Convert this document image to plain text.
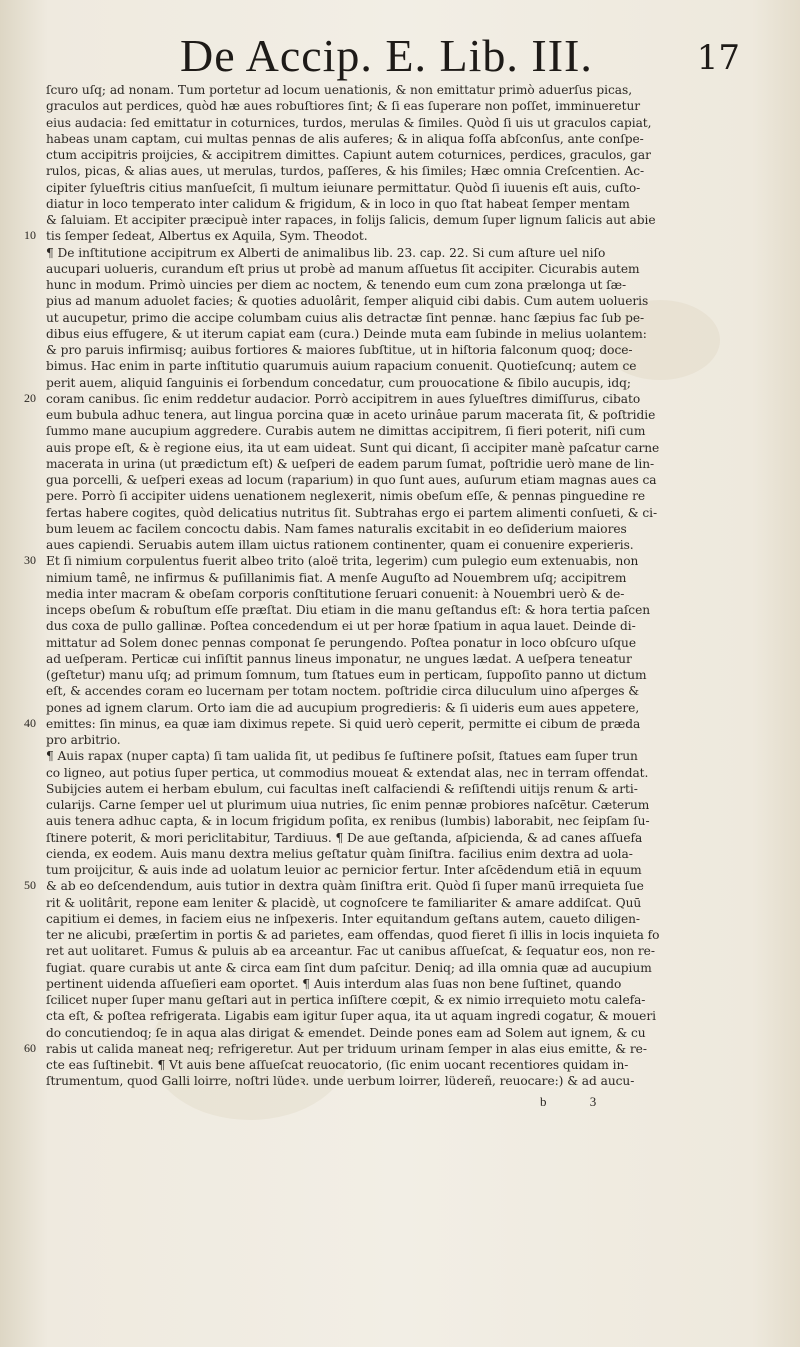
De Accip. E. Lib. III.	17
10
20
30
40
50
60
ſcuro uſq; ad nonam. Tum portetur ad locum uenationis, & non emittatur primò aduerſus picas,
graculos aut perdices, quòd hæ aues robuſtiores ſint; & ſi eas ſuperare non poſſet, imminueretur
eius audacia: ſed emittatur in coturnices, turdos, merulas & ſimiles. Quòd ſi uis ut graculos capiat,
habeas unam captam, cui multas pennas de alis auferes; & in aliqua foſſa abſconſus, ante conſpe-
ctum accipitris proijcies, & accipitrem dimittes. Capiunt autem coturnices, perdices, graculos, gar
rulos, picas, & alias aues, ut merulas, turdos, paſſeres, & his ſimiles; Hæc omnia Creſcentien. Ac-
cipiter ſylueſtris citius manſueſcit, ſi multum ieiunare permittatur. Quòd ſi iuuenis eſt auis, cuſto-
diatur in loco temperato inter calidum & frigidum, & in loco in quo ſtat habeat ſemper mentam
& ſaluiam. Et accipiter præcipuè inter rapaces, in folijs ſalicis, demum ſuper lignum ſalicis aut abie
tis ſemper ſedeat, Albertus ex Aquila, Sym. Theodot.
¶ De inſtitutione accipitrum ex Alberti de animalibus lib. 23. cap. 22. Si cum aſture uel niſo
aucupari uolueris, curandum eſt prius ut probè ad manum aſſuetus ſit accipiter. Cicurabis autem
hunc in modum. Primò uincies per diem ac noctem, & tenendo eum cum zona prælonga ut ſæ-
pius ad manum aduolet facies; & quoties aduolârit, ſemper aliquid cibi dabis. Cum autem uolueris
ut aucupetur, primo die accipe columbam cuius alis detractæ ſint pennæ. hanc ſæpius fac ſub pe-
dibus eius effugere, & ut iterum capiat eam (cura.) Deinde muta eam ſubinde in melius uolantem:
& pro paruis infirmisq; auibus fortiores & maiores ſubſtitue, ut in hiſtoria falconum quoq; doce-
bimus. Hac enim in parte inſtitutio quarumuis auium rapacium conuenit. Quotieſcunq; autem ce
perit auem, aliquid ſanguinis ei ſorbendum concedatur, cum prouocatione & ſibilo aucupis, idq;
coram canibus. ſic enim reddetur audacior. Porrò accipitrem in aues ſylueſtres dimiſſurus, cibato
eum bubula adhuc tenera, aut lingua porcina quæ in aceto urinâue parum macerata ſit, & poſtridie
ſummo mane aucupium aggredere. Curabis autem ne dimittas accipitrem, ſi fieri poterit, niſi cum
auis prope eſt, & è regione eius, ita ut eam uideat. Sunt qui dicant, ſi accipiter manè paſcatur carne
macerata in urina (ut prædictum eſt) & ueſperi de eadem parum ſumat, poſtridie uerò mane de lin-
gua porcelli, & ueſperi exeas ad locum (raparium) in quo ſunt aues, auſurum etiam magnas aues ca
pere. Porrò ſi accipiter uidens uenationem neglexerit, nimis obeſum eſſe, & pennas pinguedine re
fertas habere cogites, quòd delicatius nutritus ſit. Subtrahas ergo ei partem alimenti conſueti, & ci-
bum leuem ac facilem concoctu dabis. Nam fames naturalis excitabit in eo deſiderium maiores
aues capiendi. Seruabis autem illam uictus rationem continenter, quam ei conuenire experieris.
Et ſi nimium corpulentus fuerit albeo trito (aloë trita, legerim) cum pulegio eum extenuabis, non
nimium tamê, ne infirmus & puſillanimis fiat. A menſe Auguſto ad Nouembrem uſq; accipitrem
media inter macram & obeſam corporis conſtitutione ſeruari conuenit: à Nouembri uerò & de-
inceps obeſum & robuſtum eſſe præſtat. Diu etiam in die manu geſtandus eſt: & hora tertia paſcen
dus coxa de pullo gallinæ. Poſtea concedendum ei ut per horæ ſpatium in aqua lauet. Deinde di-
mittatur ad Solem donec pennas componat ſe perungendo. Poſtea ponatur in loco obſcuro uſque
ad ueſperam. Perticæ cui inſiſtit pannus lineus imponatur, ne ungues lædat. A ueſpera teneatur
(geſtetur) manu uſq; ad primum ſomnum, tum ſtatues eum in perticam, ſuppoſito panno ut dictum
eſt, & accendes coram eo lucernam per totam noctem. poſtridie circa diluculum uino aſperges &
pones ad ignem clarum. Orto iam die ad aucupium progredieris: & ſi uideris eum aues appetere,
emittes: ſin minus, ea quæ iam diximus repete. Si quid uerò ceperit, permitte ei cibum de præda
pro arbitrio.
¶ Auis rapax (nuper capta) ſi tam ualida ſit, ut pedibus ſe ſuſtinere poſsit, ſtatues eam ſuper trun
co ligneo, aut potius ſuper pertica, ut commodius moueat & extendat alas, nec in terram offendat.
Subijcies autem ei herbam ebulum, cui facultas ineſt calfaciendi & reſiſtendi uitijs renum & arti-
cularijs. Carne ſemper uel ut plurimum uiua nutries, ſic enim pennæ probiores naſcētur. Cæterum
auis tenera adhuc capta, & in locum frigidum poſita, ex renibus (lumbis) laborabit, nec ſeipſam ſu-
ſtinere poterit, & mori periclitabitur, Tardiuus. ¶ De aue geſtanda, aſpicienda, & ad canes aſſuefa
cienda, ex eodem. Auis manu dextra melius geſtatur quàm ſiniſtra. facilius enim dextra ad uola-
tum proijcitur, & auis inde ad uolatum leuior ac pernicior fertur. Inter aſcēdendum etiā in equum
& ab eo deſcendendum, auis tutior in dextra quàm ſiniſtra erit. Quòd ſi ſuper manū irrequieta ſue
rit & uolitârit, repone eam leniter & placidè, ut cognoſcere te familiariter & amare addiſcat. Quū
capitium ei demes, in faciem eius ne inſpexeris. Inter equitandum geſtans autem, caueto diligen-
ter ne alicubi, præſertim in portis & ad parietes, eam offendas, quod fieret ſi illis in locis inquieta fo
ret aut uolitaret. Fumus & puluis ab ea arceantur. Fac ut canibus aſſueſcat, & ſequatur eos, non re-
fugiat. quare curabis ut ante & circa eam ſint dum paſcitur. Deniq; ad illa omnia quæ ad aucupium
pertinent uidenda aſſueſieri eam oportet. ¶ Auis interdum alas ſuas non bene ſuſtinet, quando
ſcilicet nuper ſuper manu geſtari aut in pertica inſiſtere cœpit, & ex nimio irrequieto motu calefa-
cta eſt, & poſtea refrigerata. Ligabis eam igitur ſuper aqua, ita ut aquam ingredi cogatur, & moueri
do concutiendoq; ſe in aqua alas dirigat & emendet. Deinde pones eam ad Solem aut ignem, & cu
rabis ut calida maneat neq; refrigeretur. Aut per triduum urinam ſemper in alas eius emitte, & re-
cte eas ſuſtinebit. ¶ Vt auis bene aſſueſcat reuocatorio, (ſic enim uocant recentiores quidam in-
ſtrumentum, quod Galli loirre, noſtri lüdeꝛ. unde uerbum loirrer, lüdereñ, reuocare:) & ad aucu-
b	3
